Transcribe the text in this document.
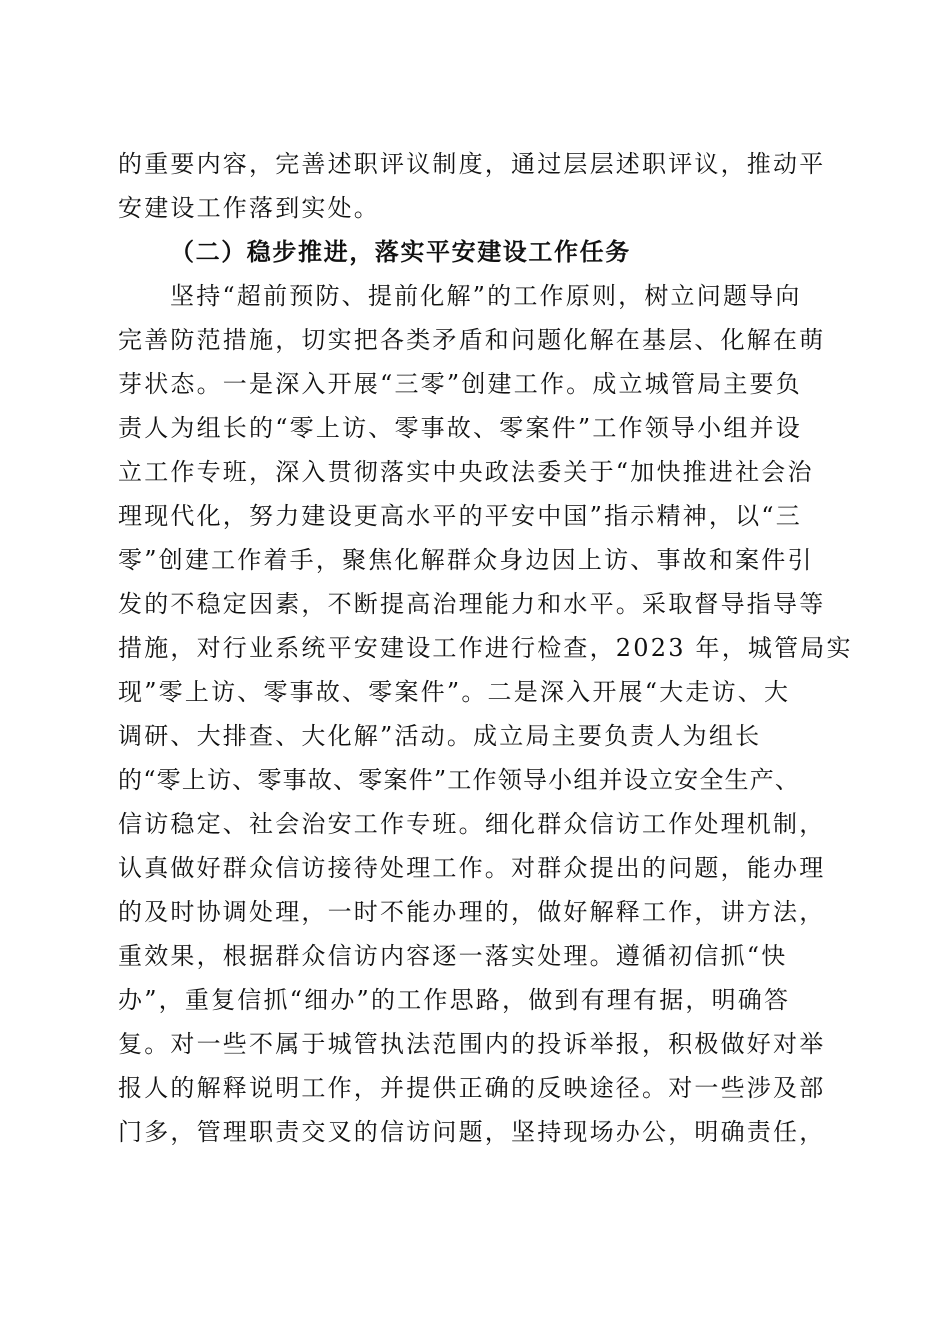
的重要内容，完善述职评议制度，通过层层述职评议，推动平
安建设工作落到实处。
（二）稳步推进，落实平安建设工作任务
坚持“超前预防、提前化解”的工作原则，树立问题导向
完善防范措施，切实把各类矛盾和问题化解在基层、化解在萌
芽状态。一是深入开展“三零”创建工作。成立城管局主要负
责人为组长的“零上访、零事故、零案件”工作领导小组并设
立工作专班，深入贯彻落实中央政法委关于“加快推进社会治
理现代化，努力建设更高水平的平安中国”指示精神，以“三
零”创建工作着手，聚焦化解群众身边因上访、事故和案件引
发的不稳定因素，不断提高治理能力和水平。采取督导指导等
措施，对行业系统平安建设工作进行检查，2023 年，城管局实
现”零上访、零事故、零案件”。二是深入开展“大走访、大
调研、大排查、大化解”活动。成立局主要负责人为组长
的“零上访、零事故、零案件”工作领导小组并设立安全生产、
信访稳定、社会治安工作专班。细化群众信访工作处理机制，
认真做好群众信访接待处理工作。对群众提出的问题，能办理
的及时协调处理，一时不能办理的，做好解释工作，讲方法，
重效果，根据群众信访内容逐一落实处理。遵循初信抓“快
办”，重复信抓“细办”的工作思路，做到有理有据，明确答
复。对一些不属于城管执法范围内的投诉举报，积极做好对举
报人的解释说明工作，并提供正确的反映途径。对一些涉及部
门多，管理职责交叉的信访问题，坚持现场办公，明确责任，
